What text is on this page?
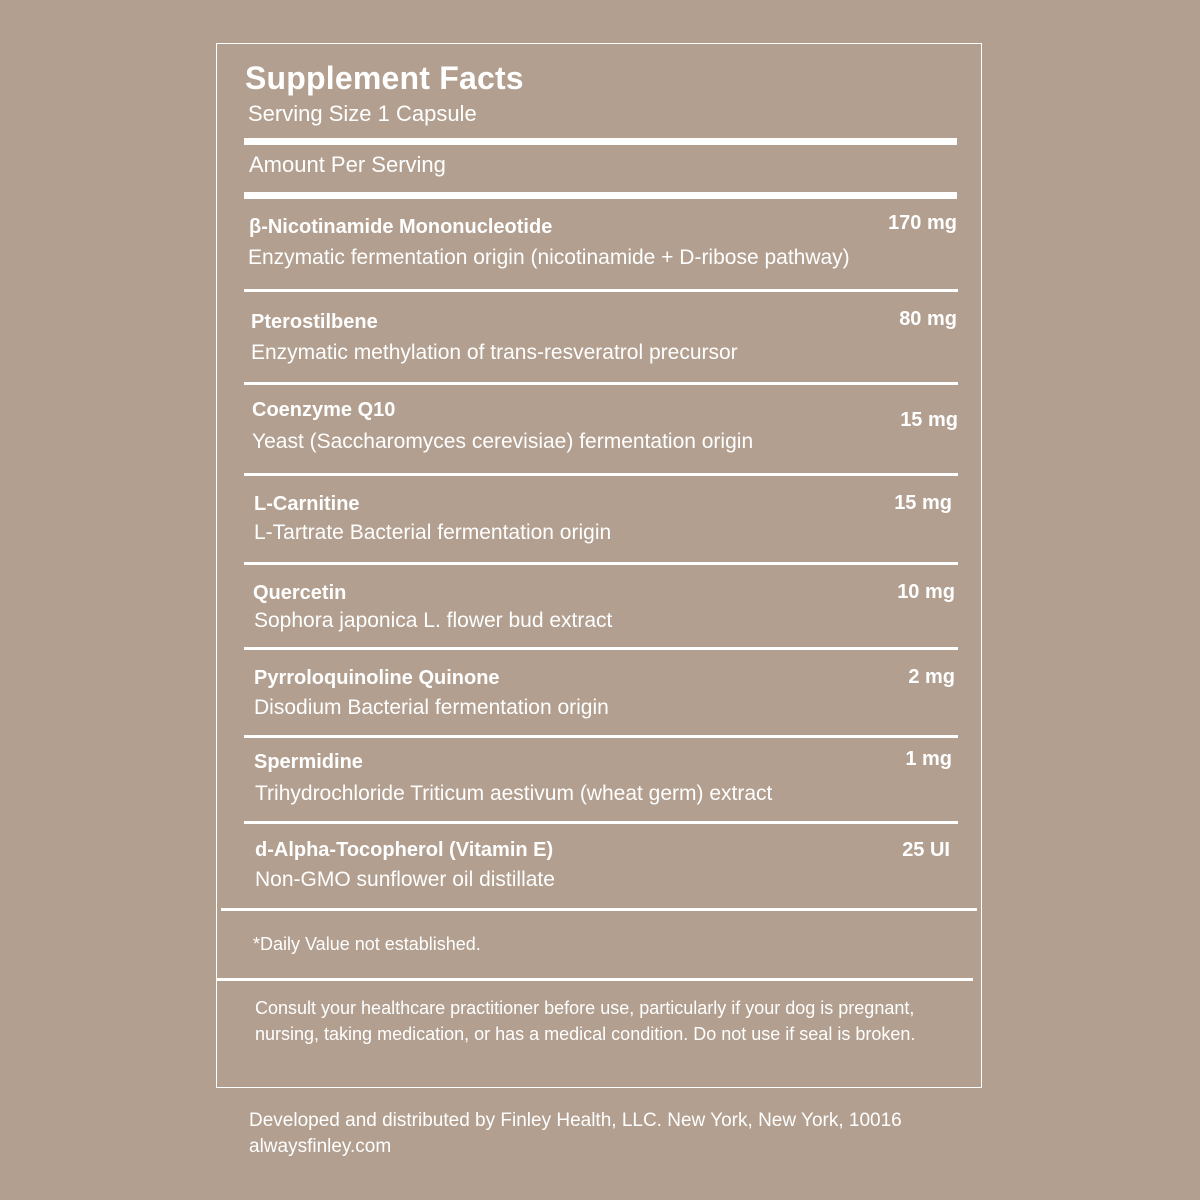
Supplement Facts
Serving Size 1 Capsule
Amount Per Serving
β-Nicotinamide Mononucleotide	170 mg
Enzymatic fermentation origin (nicotinamide + D-ribose pathway)
Pterostilbene	80 mg
Enzymatic methylation of trans-resveratrol precursor
Coenzyme Q10	15 mg
Yeast (Saccharomyces cerevisiae) fermentation origin
L-Carnitine	15 mg
L-Tartrate Bacterial fermentation origin
Quercetin	10 mg
Sophora japonica L. flower bud extract
Pyrroloquinoline Quinone	2 mg
Disodium Bacterial fermentation origin
Spermidine	1 mg
Trihydrochloride Triticum aestivum (wheat germ) extract
d-Alpha-Tocopherol (Vitamin E)	25 UI
Non-GMO sunflower oil distillate
*Daily Value not established.
Consult your healthcare practitioner before use, particularly if your dog is pregnant, nursing, taking medication, or has a medical condition. Do not use if seal is broken.
Developed and distributed by Finley Health, LLC. New York, New York, 10016
alwaysfinley.com
